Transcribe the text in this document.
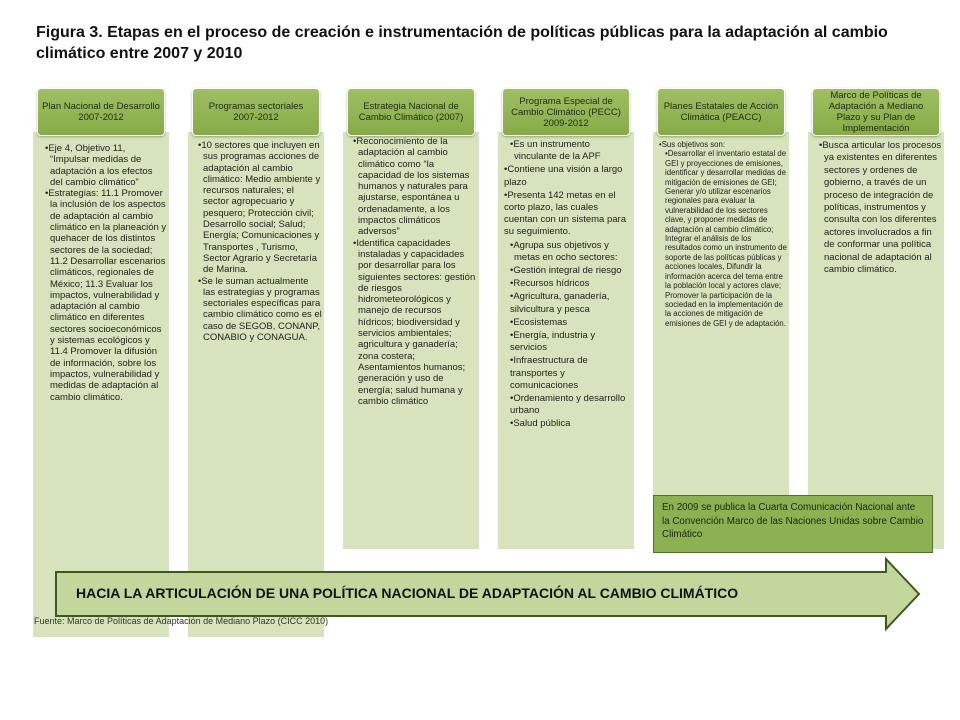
Figura 3. Etapas en el proceso de creación e instrumentación de políticas públicas para la adaptación al cambio climático entre 2007 y 2010
Plan Nacional de Desarrollo 2007-2012
• Eje 4, Objetivo 11, “Impulsar medidas de adaptación a los efectos del cambio climático”
• Estrategias: 11.1 Promover la inclusión de los aspectos de adaptación al cambio climático en la planeación y quehacer de los distintos sectores de la sociedad; 11.2 Desarrollar escenarios climáticos, regionales de México; 11.3 Evaluar los impactos, vulnerabilidad y adaptación al cambio climático en diferentes sectores socioeconómicos y sistemas ecológicos y 11.4 Promover la difusión de información, sobre los impactos, vulnerabilidad y medidas de adaptación al cambio climático.
Programas sectoriales 2007-2012
• 10 sectores que incluyen en sus programas acciones de adaptación al cambio climático: Medio ambiente y recursos naturales; el sector agropecuario y pesquero; Protección civil; Desarrollo social; Salud; Energía; Comunicaciones y Transportes , Turismo, Sector Agrario y Secretaría de Marina.
• Se le suman actualmente las estrategias y programas sectoriales específicas para cambio climático como es el caso de SEGOB, CONANP, CONABIO y CONAGUA.
Estrategia Nacional de Cambio Climático (2007)
• Reconocimiento de la adaptación al cambio climático como “la capacidad de los sistemas humanos y naturales para ajustarse, espontánea u ordenadamente, a los impactos climáticos adversos”
• Identifica capacidades instaladas y capacidades por desarrollar para los siguientes sectores: gestión de riesgos hidrometeorológicos y manejo de recursos hídricos; biodiversidad y servicios ambientales; agricultura y ganadería; zona costera; Asentamientos humanos; generación y uso de energía; salud humana y cambio climático
Programa Especial de Cambio Climático (PECC) 2009-2012
• Es un instrumento vinculante de la APF
• Contiene una visión a largo plazo
• Presenta 142 metas en el corto plazo, las cuales cuentan con un sistema para su seguimiento.
• Agrupa sus objetivos y metas en ocho sectores:
• Gestión integral de riesgo
• Recursos hídricos
• Agricultura, ganadería, silvicultura y pesca
• Ecosistemas
• Energía, industria y servicios
• Infraestructura de transportes y comunicaciones
• Ordenamiento y desarrollo urbano
• Salud pública
Planes Estatales de Acción Climática (PEACC)
• Sus objetivos son:
• Desarrollar el inventario estatal de GEI y proyecciones de emisiones, identificar y desarrollar medidas de mitigación de emisiones de GEI; Generar y/o utilizar escenarios regionales para evaluar la vulnerabilidad de los sectores clave, y proponer medidas de adaptación al cambio climático; Integrar el análisis de los resultados como un instrumento de soporte de las políticas públicas y acciones locales, Difundir la información acerca del tema entre la población local y actores clave; Promover la participación de la sociedad en la implementación de la acciones de mitigación de emisiones de GEI y de adaptación.
Marco de Políticas de Adaptación a Mediano Plazo y su Plan de Implementación
• Busca articular los procesos ya existentes en diferentes sectores y ordenes de gobierno, a través de un proceso de integración de políticas, instrumentos y consulta con los diferentes actores involucrados a fin de conformar una política nacional de adaptación al cambio climático.
En 2009 se publica la Cuarta Comunicación Nacional ante la Convención Marco de las Naciones Unidas sobre Cambio Climático
HACIA LA ARTICULACIÓN DE UNA POLÍTICA NACIONAL DE ADAPTACIÓN AL CAMBIO CLIMÁTICO
Fuente: Marco de Políticas de Adaptación de Mediano Plazo (CICC 2010)
